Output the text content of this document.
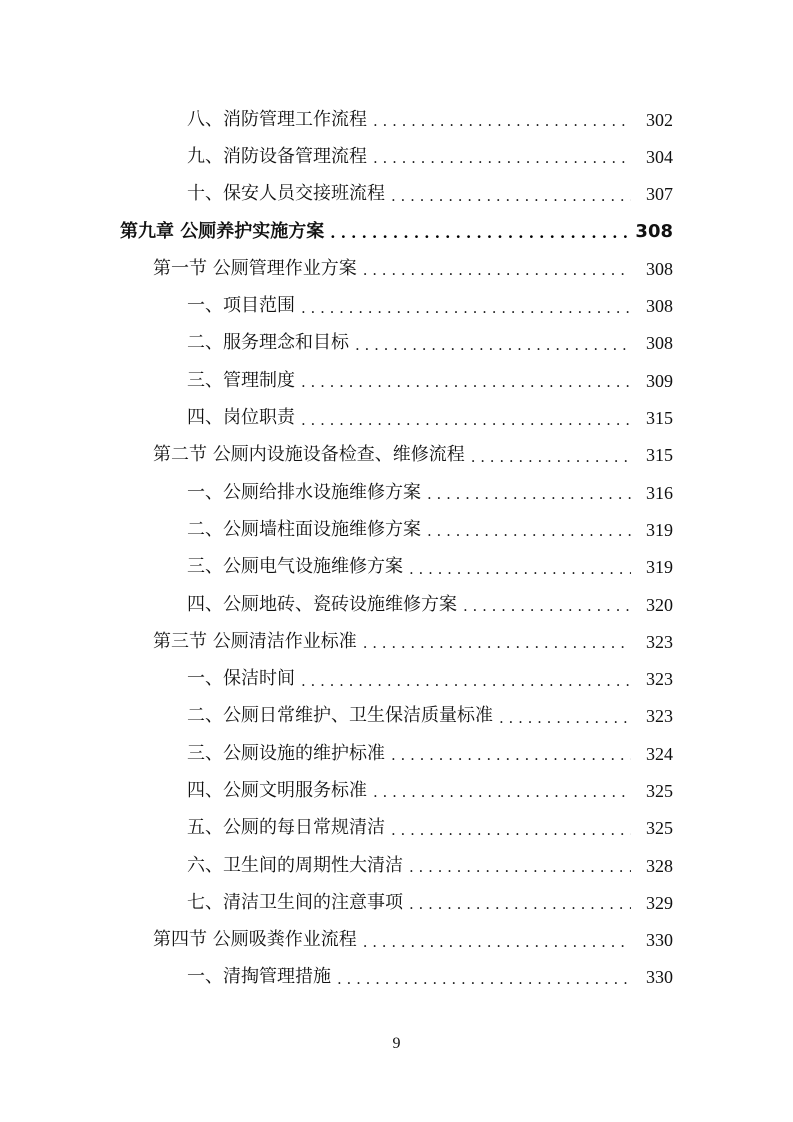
八、消防管理工作流程 . . .	302
九、消防设备管理流程 . . .	304
十、保安人员交接班流程 . . .	307
第九章 公厕养护实施方案 . . .	308
第一节 公厕管理作业方案 . . .	308
一、项目范围 . . .	308
二、服务理念和目标 . . .	308
三、管理制度 . . .	309
四、岗位职责 . . .	315
第二节 公厕内设施设备检查、维修流程 . . .	315
一、公厕给排水设施维修方案 . . .	316
二、公厕墙柱面设施维修方案 . . .	319
三、公厕电气设施维修方案 . . .	319
四、公厕地砖、瓷砖设施维修方案 . . .	320
第三节 公厕清洁作业标准 . . .	323
一、保洁时间 . . .	323
二、公厕日常维护、卫生保洁质量标准 . . .	323
三、公厕设施的维护标准 . . .	324
四、公厕文明服务标准 . . .	325
五、公厕的每日常规清洁 . . .	325
六、卫生间的周期性大清洁 . . .	328
七、清洁卫生间的注意事项 . . .	329
第四节 公厕吸粪作业流程 . . .	330
一、清掏管理措施 . . .	330
9
